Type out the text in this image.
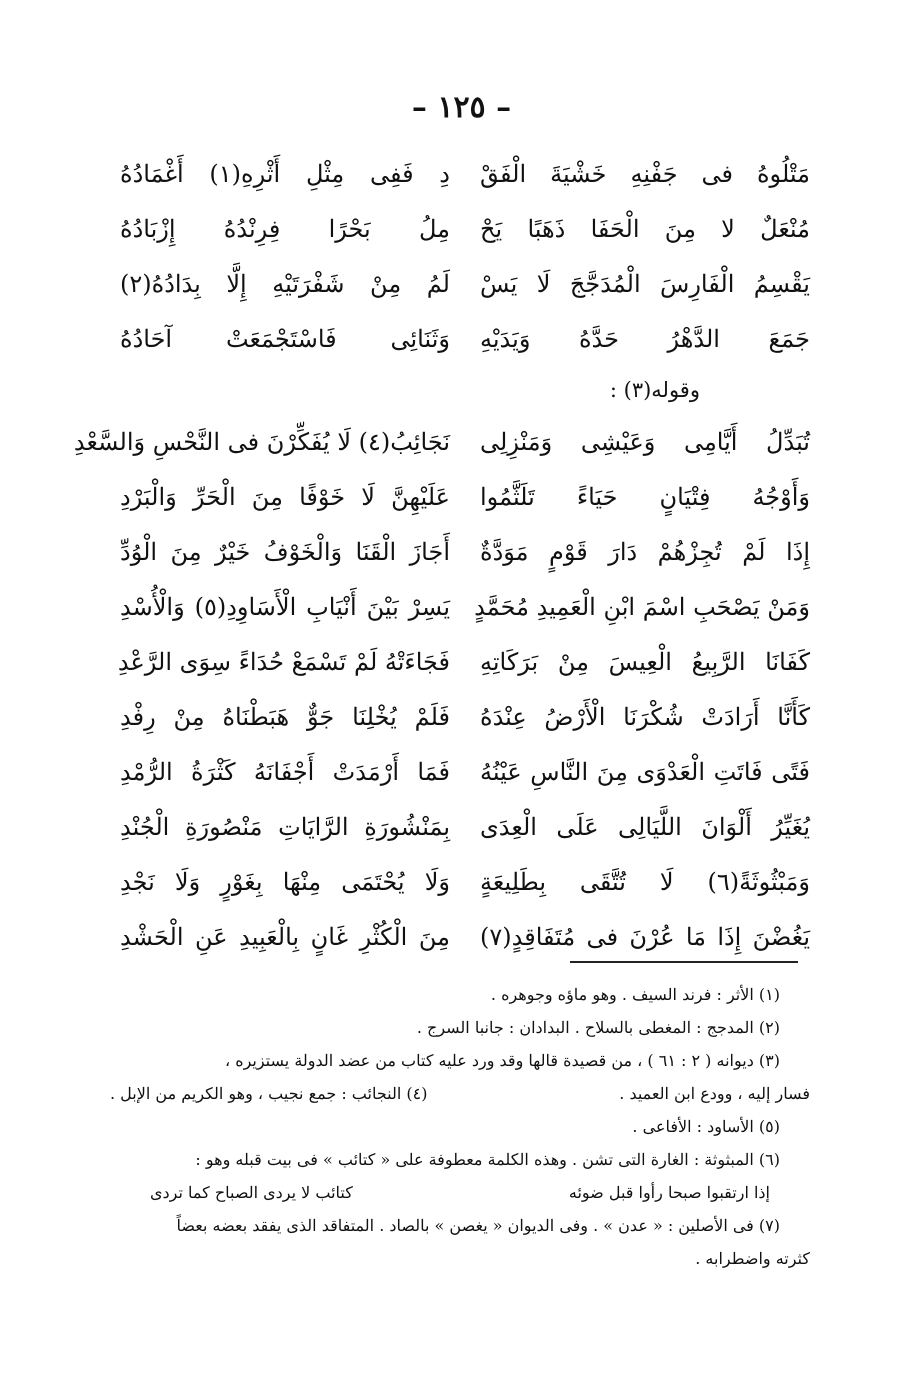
– ١٢٥ –
مَتْلُوهُ فى جَفْنِهِ خَشْيَةَ الْفَقْ
دِ فَفِى مِثْلِ أَثْرِهِ(١) أَغْمَادُهُ
مُنْعَلٌ لا مِنَ الْحَفَا ذَهَبًا يَحْ
مِلُ بَحْرًا فِرِنْدُهُ إِزْبَادُهُ
يَقْسِمُ الْفَارِسَ الْمُدَجَّجَ لَا يَسْ
لَمُ مِنْ شَفْرَتَيْهِ إِلَّا بِدَادُهُ(٢)
جَمَعَ الدَّهْرُ حَدَّهُ وَيَدَيْهِ
وَثَنَائِى فَاسْتَجْمَعَتْ آحَادُهُ
وقوله(٣) :
تُبَدِّلُ أَيَّامِى وَعَيْشِى وَمَنْزِلِى
نَجَائِبُ(٤) لَا يُفَكِّرْنَ فى النَّحْسِ وَالسَّعْدِ
وَأَوْجُهُ فِتْيَانٍ حَيَاءً تَلَثَّمُوا
عَلَيْهِنَّ لَا خَوْفًا مِنَ الْحَرِّ وَالْبَرْدِ
إِذَا لَمْ تُجِزْهُمْ دَارَ قَوْمٍ مَوَدَّةٌ
أَجَازَ الْقَنَا وَالْخَوْفُ خَيْرٌ مِنَ الْوُدِّ
وَمَنْ يَصْحَبِ اسْمَ ابْنِ الْعَمِيدِ مُحَمَّدٍ
يَسِرْ بَيْنَ أَنْيَابِ الْأَسَاوِدِ(٥) وَالْأُسْدِ
كَفَانَا الرَّبِيعُ الْعِيسَ مِنْ بَرَكَاتِهِ
فَجَاءَتْهُ لَمْ تَسْمَعْ حُدَاءً سِوَى الرَّعْدِ
كَأَنَّا أَرَادَتْ شُكْرَنَا الْأَرْضُ عِنْدَهُ
فَلَمْ يُخْلِنَا جَوٌّ هَبَطْنَاهُ مِنْ رِفْدِ
فَتًى فَاتَتِ الْعَدْوَى مِنَ النَّاسِ عَيْنُهُ
فَمَا أَرْمَدَتْ أَجْفَانَهُ كَثْرَةُ الرُّمْدِ
يُغَيِّرُ أَلْوَانَ اللَّيَالِى عَلَى الْعِدَى
بِمَنْشُورَةِ الرَّايَاتِ مَنْصُورَةِ الْجُنْدِ
وَمَبْثُوثَةً(٦) لَا تُتَّقَى بِطَلِيعَةٍ
وَلَا يُحْتَمَى مِنْهَا بِغَوْرٍ وَلَا نَجْدِ
يَغُضْنَ إِذَا مَا عُرْنَ فى مُتَفَاقِدٍ(٧)
مِنَ الْكُثْرِ غَانٍ بِالْعَبِيدِ عَنِ الْحَشْدِ
(١) الأثر : فرند السيف . وهو ماؤه وجوهره .
(٢) المدجج : المغطى بالسلاح . البدادان : جانبا السرج .
(٣) ديوانه ( ٢ : ٦١ ) ، من قصيدة قالها وقد ورد عليه كتاب من عضد الدولة يستزيره ،
فسار إليه ، وودع ابن العميد .
(٤) النجائب : جمع نجيب ، وهو الكريم من الإبل .
(٥) الأساود : الأفاعى .
(٦) المبثوثة : الغارة التى تشن . وهذه الكلمة معطوفة على « كتائب » فى بيت قبله وهو :
إذا ارتقبوا صبحا رأوا قبل ضوئه
كتائب لا يردى الصباح كما تردى
(٧) فى الأصلين : « عدن » . وفى الديوان « يغصن » بالصاد . المتفاقد الذى يفقد بعضه بعضاً
كثرته واضطرابه .
